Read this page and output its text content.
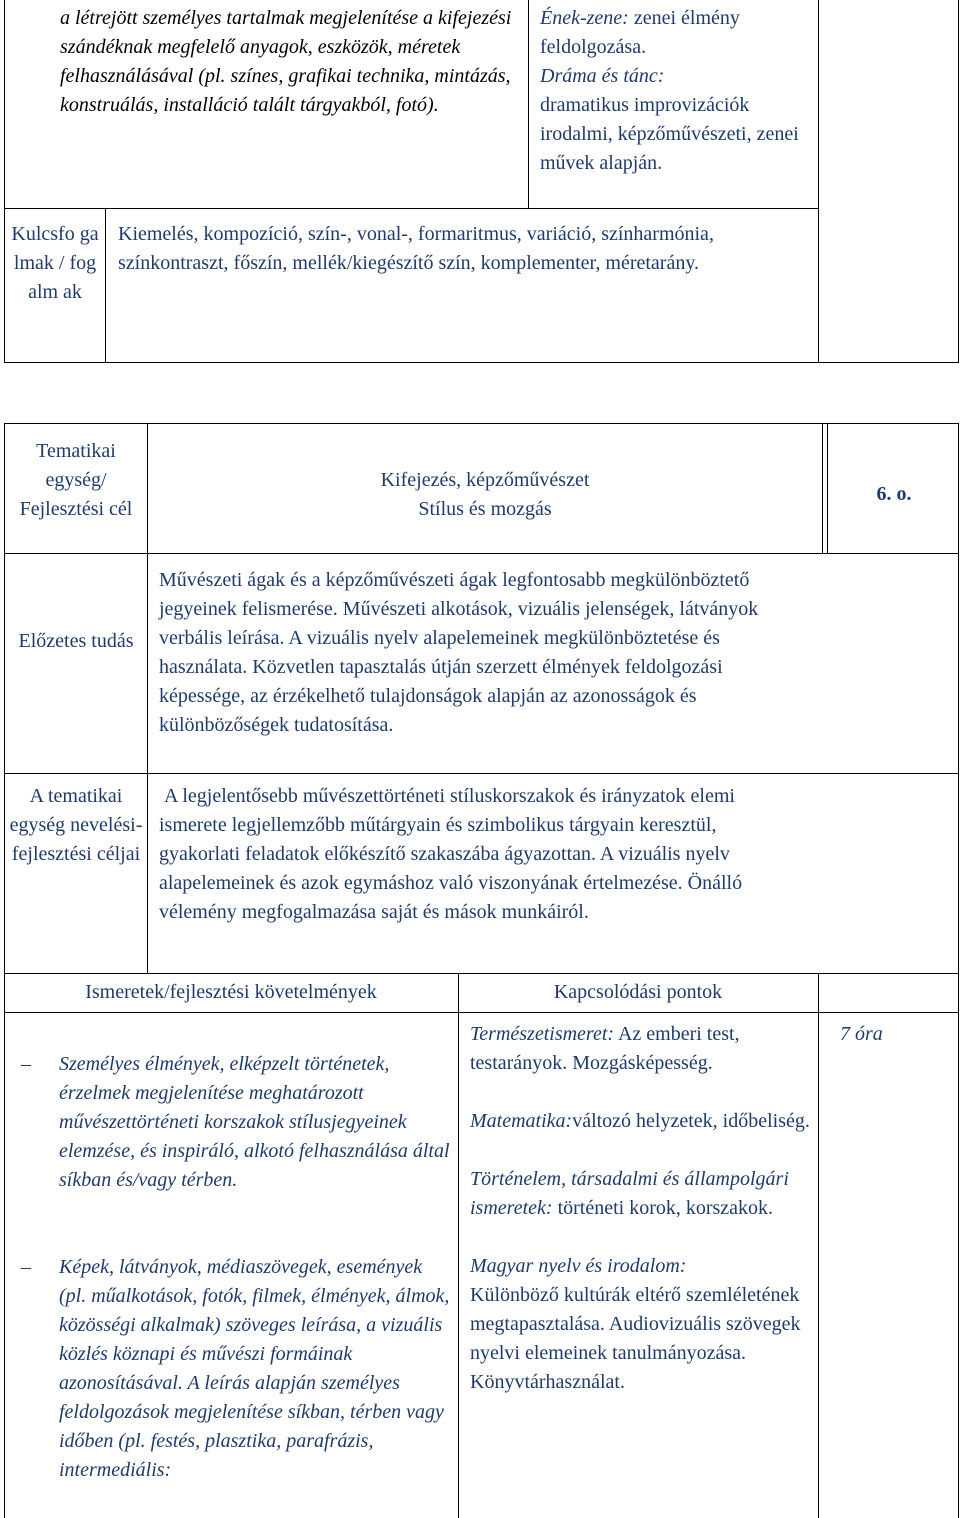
a létrejött személyes tartalmak megjelenítése a kifejezési szándéknak megfelelő anyagok, eszközök, méretek felhasználásával (pl. színes, grafikai technika, mintázás, konstruálás, installáció talált tárgyakból, fotó).

Ének-zene: zenei élmény feldolgozása.

Dráma és tánc:

dramatikus improvizációk irodalmi, képzőművészeti, zenei művek alapján.

Kulcsfo galmak / fogalm ak
Kiemelés, kompozíció, szín-, vonal-, formaritmus, variáció, színharmónia, színkontraszt, főszín, mellék/kiegészítő szín, komplementer, méretarány.
Tematikai egység/ Fejlesztési cél

Kifejezés, képzőművészet

Stílus és mozgás

6. o.
Előzetes tudás
Művészeti ágak és a képzőművészeti ágak legfontosabb megkülönböztető jegyeinek felismerése. Művészeti alkotások, vizuális jelenségek, látványok verbális leírása. A vizuális nyelv alapelemeinek megkülönböztetése és használata. Közvetlen tapasztalás útján szerzett élmények feldolgozási képessége, az érzékelhető tulajdonságok alapján az azonosságok és különbözőségek tudatosítása.
A tematikai egység nevelési-fejlesztési céljai
A legjelentősebb művészettörténeti stíluskorszakok és irányzatok elemi ismerete legjellemzőbb műtárgyain és szimbolikus tárgyain keresztül, gyakorlati feladatok előkészítő szakaszába ágyazottan. A vizuális nyelv alapelemeinek és azok egymáshoz való viszonyának értelmezése. Önálló vélemény megfogalmazása saját és mások munkáiról.
Ismeretek/fejlesztési követelmények	Kapcsolódási pontok
– Személyes élmények, elképzelt történetek, érzelmek megjelenítése meghatározott művészettörténeti korszakok stílusjegyeinek elemzése, és inspiráló, alkotó felhasználása által síkban és/vagy térben.
– Képek, látványok, médiaszövegek, események (pl. műalkotások, fotók, filmek, élmények, álmok, közösségi alkalmak) szöveges leírása, a vizuális közlés köznapi és művészi formáinak azonosításával. A leírás alapján személyes feldolgozások megjelenítése síkban, térben vagy időben (pl. festés, plasztika, parafrázis, intermediális:

Természetismeret: Az emberi test, testarányok. Mozgásképesség.

Matematika:változó helyzetek, időbeliség.

Történelem, társadalmi és állampolgári ismeretek: történeti korok, korszakok.

Magyar nyelv és irodalom:

Különböző kultúrák eltérő szemléletének megtapasztalása. Audiovizuális szövegek nyelvi elemeinek tanulmányozása. Könyvtárhasználat.

7 óra
